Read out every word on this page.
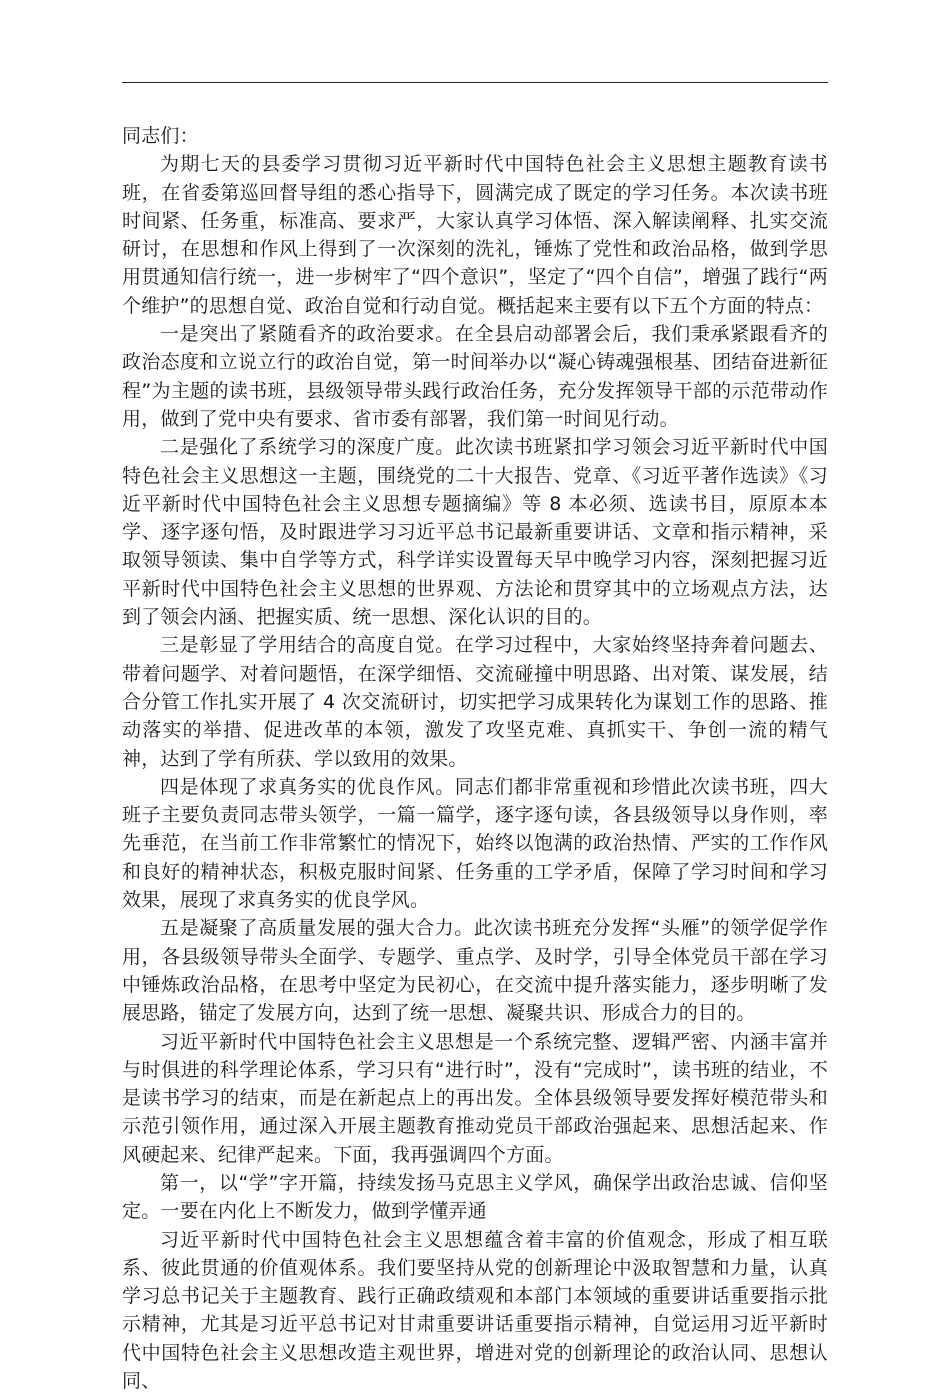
同志们：

为期七天的县委学习贯彻习近平新时代中国特色社会主义思想主题教育读书班，在省委第巡回督导组的悉心指导下，圆满完成了既定的学习任务。本次读书班时间紧、任务重，标准高、要求严，大家认真学习体悟、深入解读阐释、扎实交流研讨，在思想和作风上得到了一次深刻的洗礼，锤炼了党性和政治品格，做到学思用贯通知信行统一，进一步树牢了“四个意识”，坚定了“四个自信”，增强了践行“两个维护”的思想自觉、政治自觉和行动自觉。概括起来主要有以下五个方面的特点：

一是突出了紧随看齐的政治要求。在全县启动部署会后，我们秉承紧跟看齐的政治态度和立说立行的政治自觉，第一时间举办以“凝心铸魂强根基、团结奋进新征程”为主题的读书班，县级领导带头践行政治任务，充分发挥领导干部的示范带动作用，做到了党中央有要求、省市委有部署，我们第一时间见行动。

二是强化了系统学习的深度广度。此次读书班紧扣学习领会习近平新时代中国特色社会主义思想这一主题，围绕党的二十大报告、党章、《习近平著作选读》《习近平新时代中国特色社会主义思想专题摘编》等 8 本必须、选读书目，原原本本学、逐字逐句悟，及时跟进学习习近平总书记最新重要讲话、文章和指示精神，采取领导领读、集中自学等方式，科学详实设置每天早中晚学习内容，深刻把握习近平新时代中国特色社会主义思想的世界观、方法论和贯穿其中的立场观点方法，达到了领会内涵、把握实质、统一思想、深化认识的目的。

三是彰显了学用结合的高度自觉。在学习过程中，大家始终坚持奔着问题去、带着问题学、对着问题悟，在深学细悟、交流碰撞中明思路、出对策、谋发展，结合分管工作扎实开展了 4 次交流研讨，切实把学习成果转化为谋划工作的思路、推动落实的举措、促进改革的本领，激发了攻坚克难、真抓实干、争创一流的精气神，达到了学有所获、学以致用的效果。

四是体现了求真务实的优良作风。同志们都非常重视和珍惜此次读书班，四大班子主要负责同志带头领学，一篇一篇学，逐字逐句读，各县级领导以身作则，率先垂范，在当前工作非常繁忙的情况下，始终以饱满的政治热情、严实的工作作风和良好的精神状态，积极克服时间紧、任务重的工学矛盾，保障了学习时间和学习效果，展现了求真务实的优良学风。

五是凝聚了高质量发展的强大合力。此次读书班充分发挥“头雁”的领学促学作用，各县级领导带头全面学、专题学、重点学、及时学，引导全体党员干部在学习中锤炼政治品格，在思考中坚定为民初心，在交流中提升落实能力，逐步明晰了发展思路，锚定了发展方向，达到了统一思想、凝聚共识、形成合力的目的。

习近平新时代中国特色社会主义思想是一个系统完整、逻辑严密、内涵丰富并与时俱进的科学理论体系，学习只有“进行时”，没有“完成时”，读书班的结业，不是读书学习的结束，而是在新起点上的再出发。全体县级领导要发挥好模范带头和示范引领作用，通过深入开展主题教育推动党员干部政治强起来、思想活起来、作风硬起来、纪律严起来。下面，我再强调四个方面。

第一，以“学”字开篇，持续发扬马克思主义学风，确保学出政治忠诚、信仰坚定。一要在内化上不断发力，做到学懂弄通

习近平新时代中国特色社会主义思想蕴含着丰富的价值观念，形成了相互联系、彼此贯通的价值观体系。我们要坚持从党的创新理论中汲取智慧和力量，认真学习总书记关于主题教育、践行正确政绩观和本部门本领域的重要讲话重要指示批示精神，尤其是习近平总书记对甘肃重要讲话重要指示精神，自觉运用习近平新时代中国特色社会主义思想改造主观世界，增进对党的创新理论的政治认同、思想认同、
